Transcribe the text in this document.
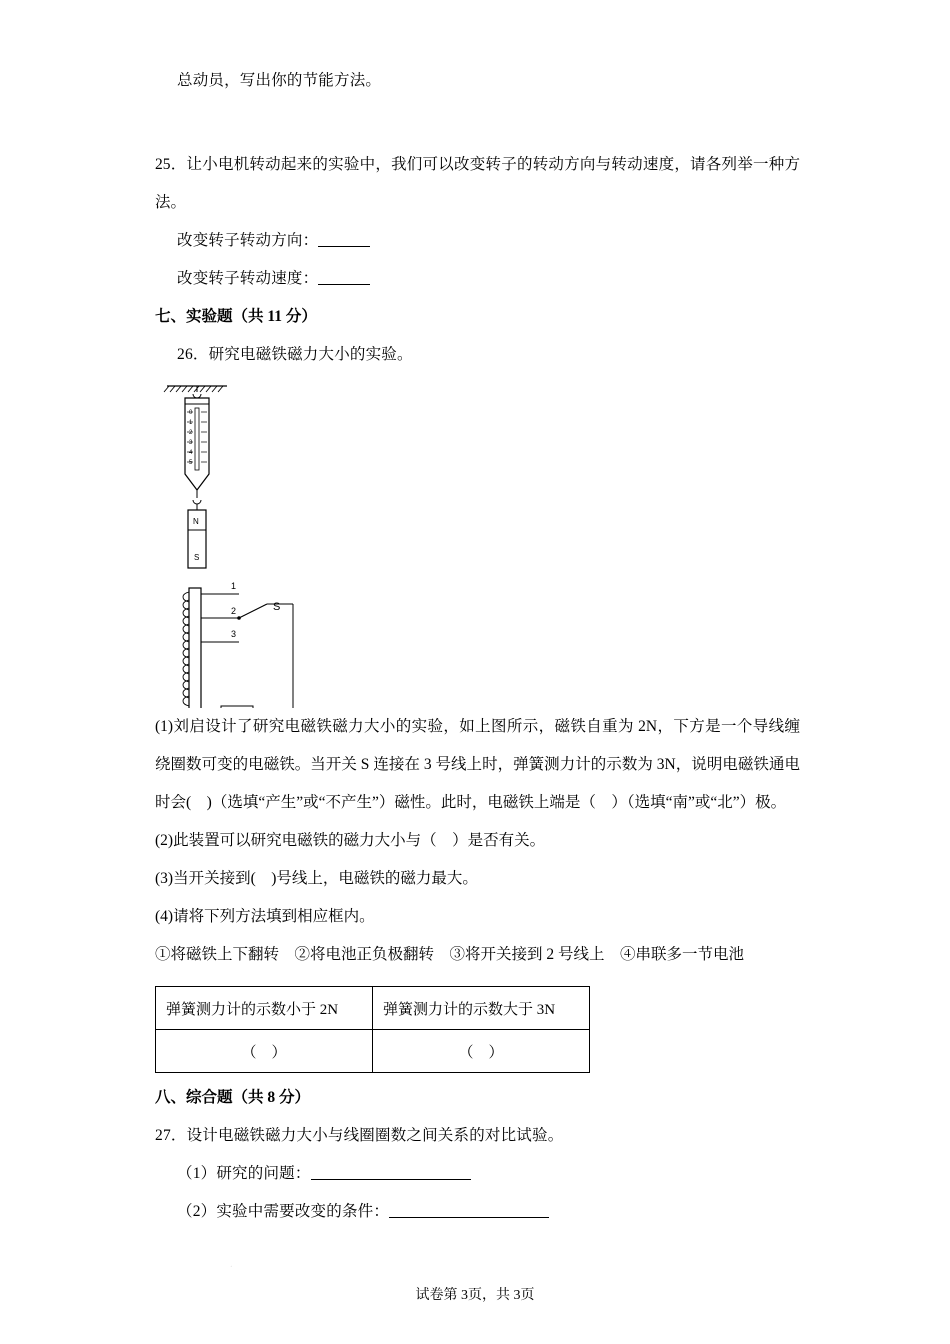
总动员，写出你的节能方法。
25．让小电机转动起来的实验中，我们可以改变转子的转动方向与转动速度，请各列举一种方法。
改变转子转动方向：
改变转子转动速度：
七、实验题（共 11 分）
26．研究电磁铁磁力大小的实验。
0
1
2
3
4
5
N
S
1
2
3
S
(1)刘启设计了研究电磁铁磁力大小的实验，如上图所示，磁铁自重为 2N，下方是一个导线缠绕圈数可变的电磁铁。当开关 S 连接在 3 号线上时，弹簧测力计的示数为 3N，说明电磁铁通电时会(　)（选填“产生”或“不产生”）磁性。此时，电磁铁上端是（　）（选填“南”或“北”）极。
(2)此装置可以研究电磁铁的磁力大小与（　）是否有关。
(3)当开关接到(　)号线上，电磁铁的磁力最大。
(4)请将下列方法填到相应框内。
①将磁铁上下翻转　②将电池正负极翻转　③将开关接到 2 号线上　④串联多一节电池
弹簧测力计的示数小于 2N	弹簧测力计的示数大于 3N
（　）	（　）
八、综合题（共 8 分）
27．设计电磁铁磁力大小与线圈圈数之间关系的对比试验。
（1）研究的问题：
（2）实验中需要改变的条件：
.
试卷第 3页，共 3页
